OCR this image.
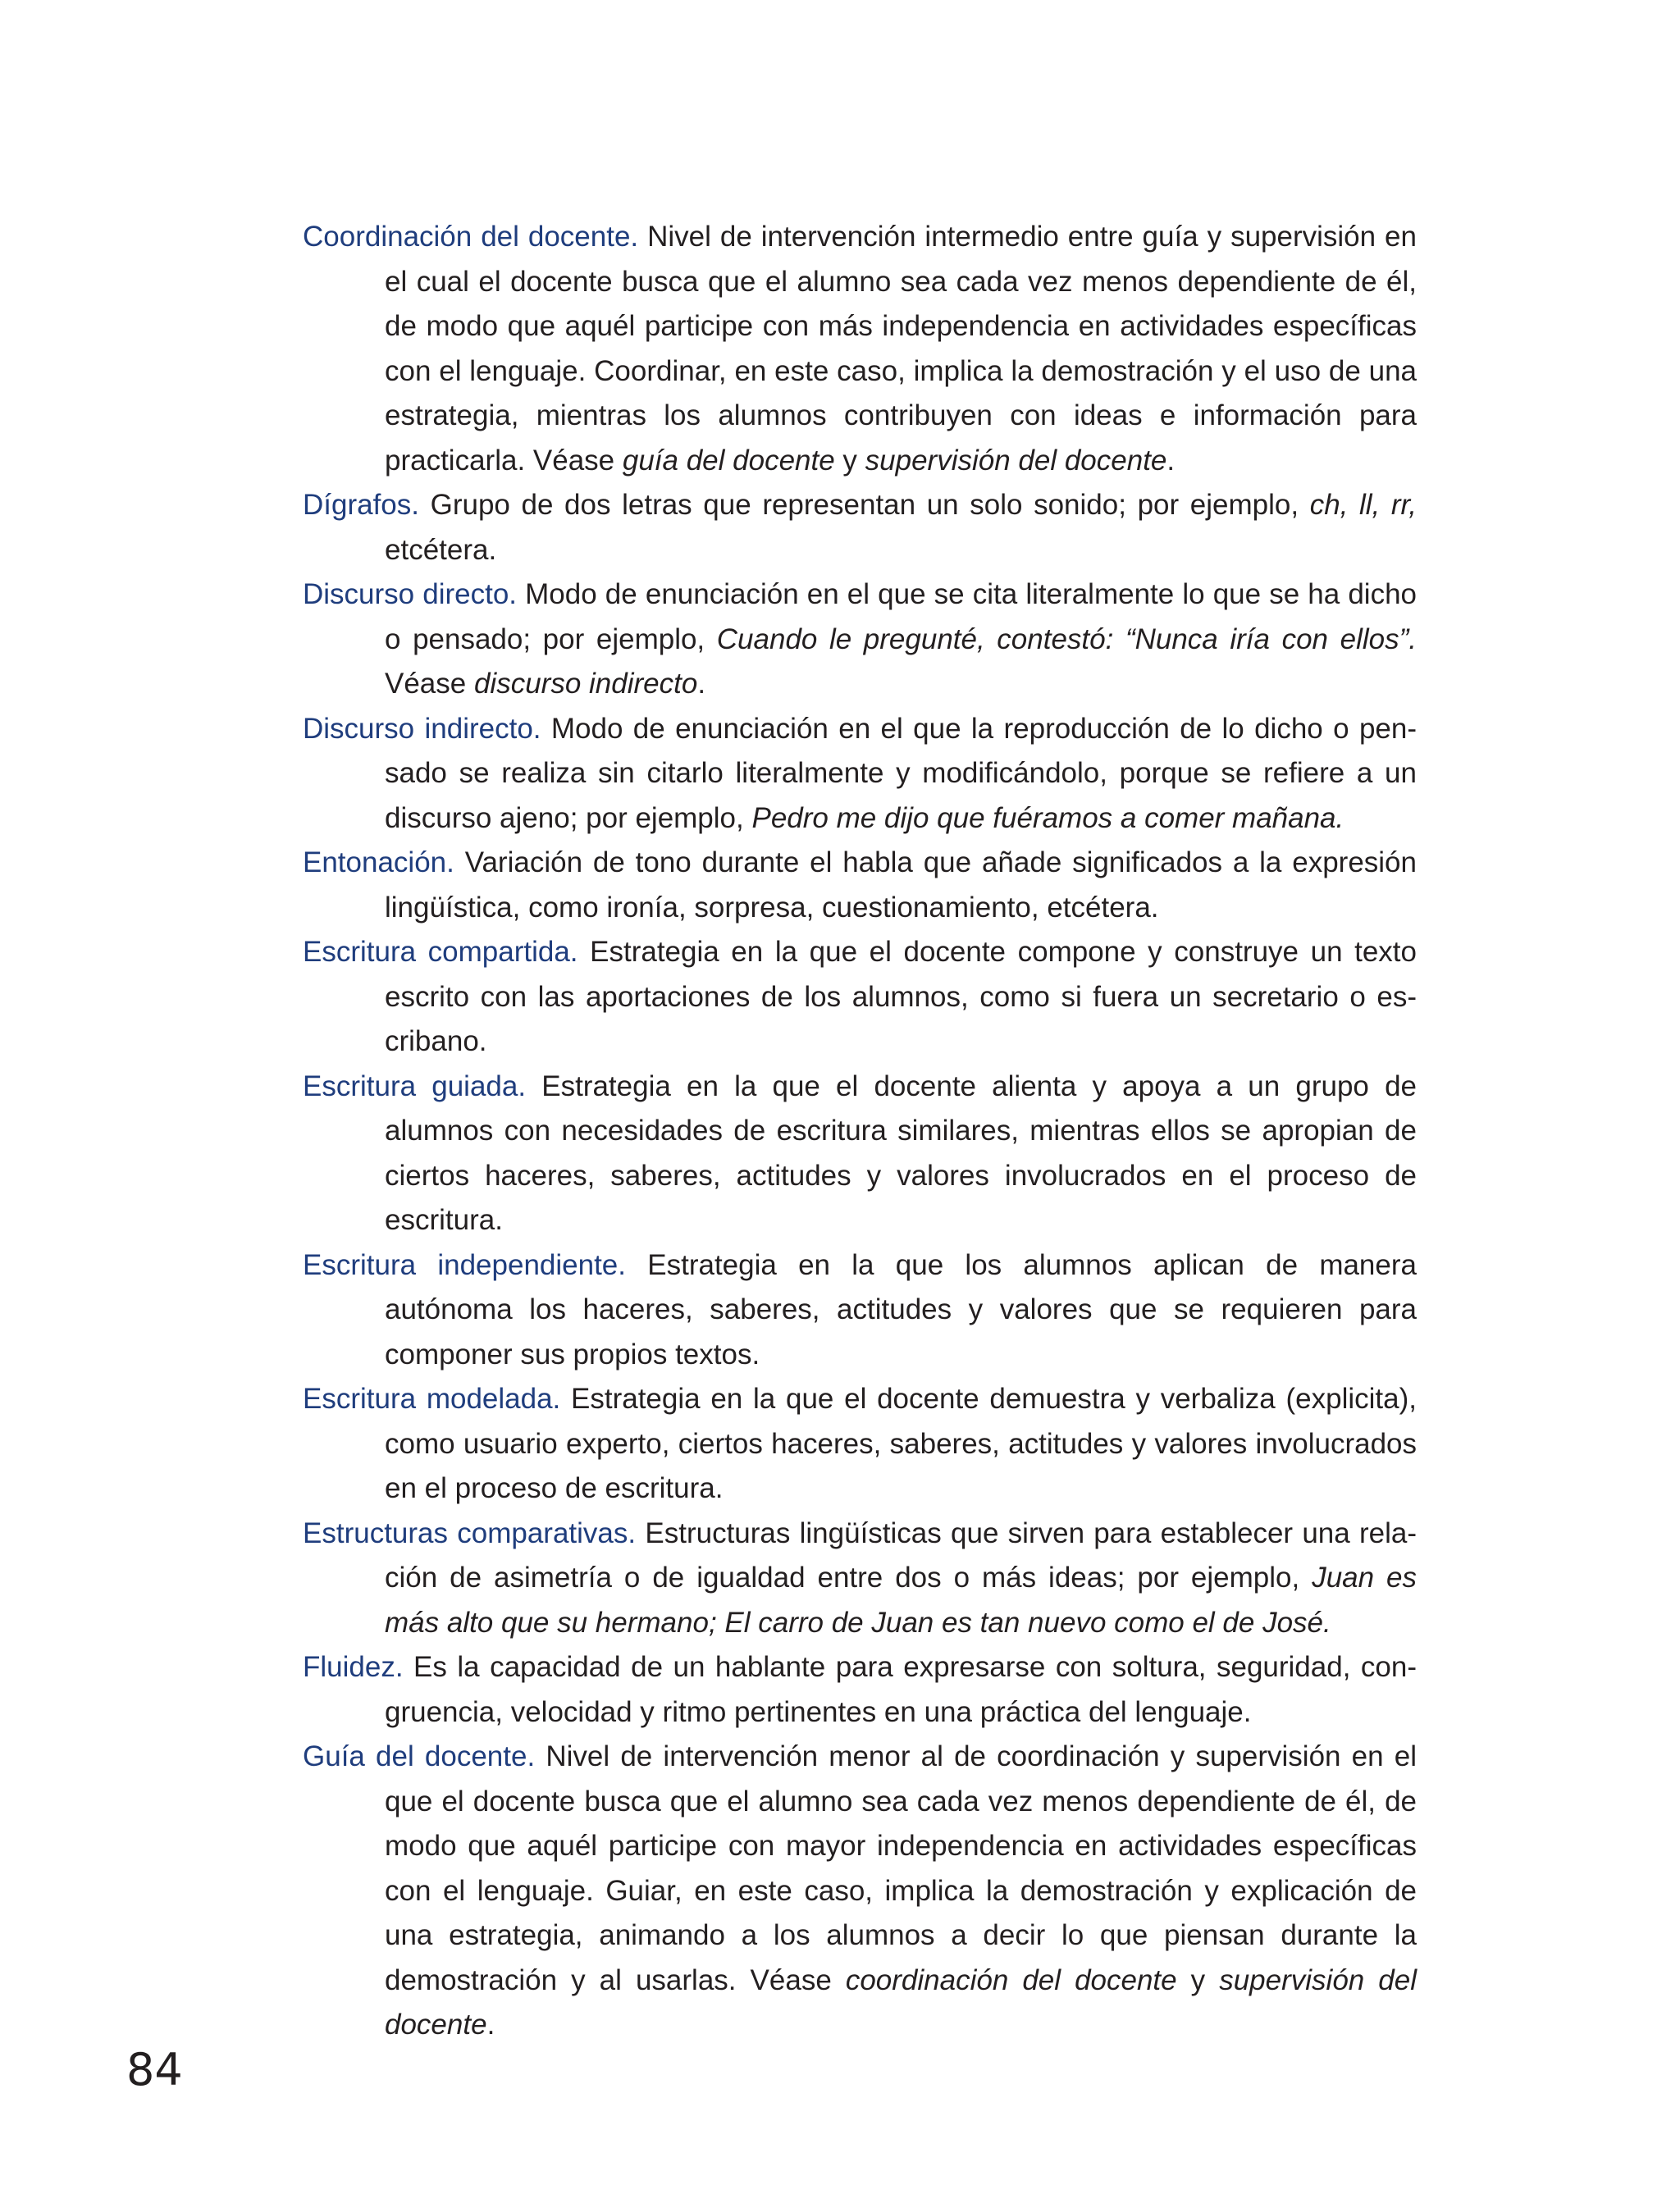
Coordinación del docente. Nivel de intervención intermedio entre guía y supervisión en el cual el docente busca que el alumno sea cada vez menos dependiente de él, de modo que aquél participe con más independencia en actividades específicas con el lenguaje. Coordinar, en este caso, implica la demostración y el uso de una estrategia, mientras los alumnos contribuyen con ideas e información para practicarla. Véase guía del docente y supervisión del docente.

Dígrafos. Grupo de dos letras que representan un solo sonido; por ejemplo, ch, ll, rr, etcétera.

Discurso directo. Modo de enunciación en el que se cita literalmente lo que se ha dicho o pensado; por ejemplo, Cuando le pregunté, contestó: “Nunca iría con ellos”. Véase discurso indirecto.

Discurso indirecto. Modo de enunciación en el que la reproducción de lo dicho o pensado se realiza sin citarlo literalmente y modificándolo, porque se refiere a un discurso ajeno; por ejemplo, Pedro me dijo que fuéramos a comer mañana.

Entonación. Variación de tono durante el habla que añade significados a la expresión lingüística, como ironía, sorpresa, cuestionamiento, etcétera.

Escritura compartida. Estrategia en la que el docente compone y construye un texto escrito con las aportaciones de los alumnos, como si fuera un secretario o escribano.

Escritura guiada. Estrategia en la que el docente alienta y apoya a un grupo de alumnos con necesidades de escritura similares, mientras ellos se apropian de ciertos haceres, saberes, actitudes y valores involucrados en el proceso de escritura.

Escritura independiente. Estrategia en la que los alumnos aplican de manera autónoma los haceres, saberes, actitudes y valores que se requieren para componer sus propios textos.

Escritura modelada. Estrategia en la que el docente demuestra y verbaliza (explicita), como usuario experto, ciertos haceres, saberes, actitudes y valores involucrados en el proceso de escritura.

Estructuras comparativas. Estructuras lingüísticas que sirven para establecer una relación de asimetría o de igualdad entre dos o más ideas; por ejemplo, Juan es más alto que su hermano; El carro de Juan es tan nuevo como el de José.

Fluidez. Es la capacidad de un hablante para expresarse con soltura, seguridad, congruencia, velocidad y ritmo pertinentes en una práctica del lenguaje.

Guía del docente. Nivel de intervención menor al de coordinación y supervisión en el que el docente busca que el alumno sea cada vez menos dependiente de él, de modo que aquél participe con mayor independencia en actividades específicas con el lenguaje. Guiar, en este caso, implica la demostración y explicación de una estrategia, animando a los alumnos a decir lo que piensan durante la demostración y al usarlas. Véase coordinación del docente y supervisión del docente.

84
